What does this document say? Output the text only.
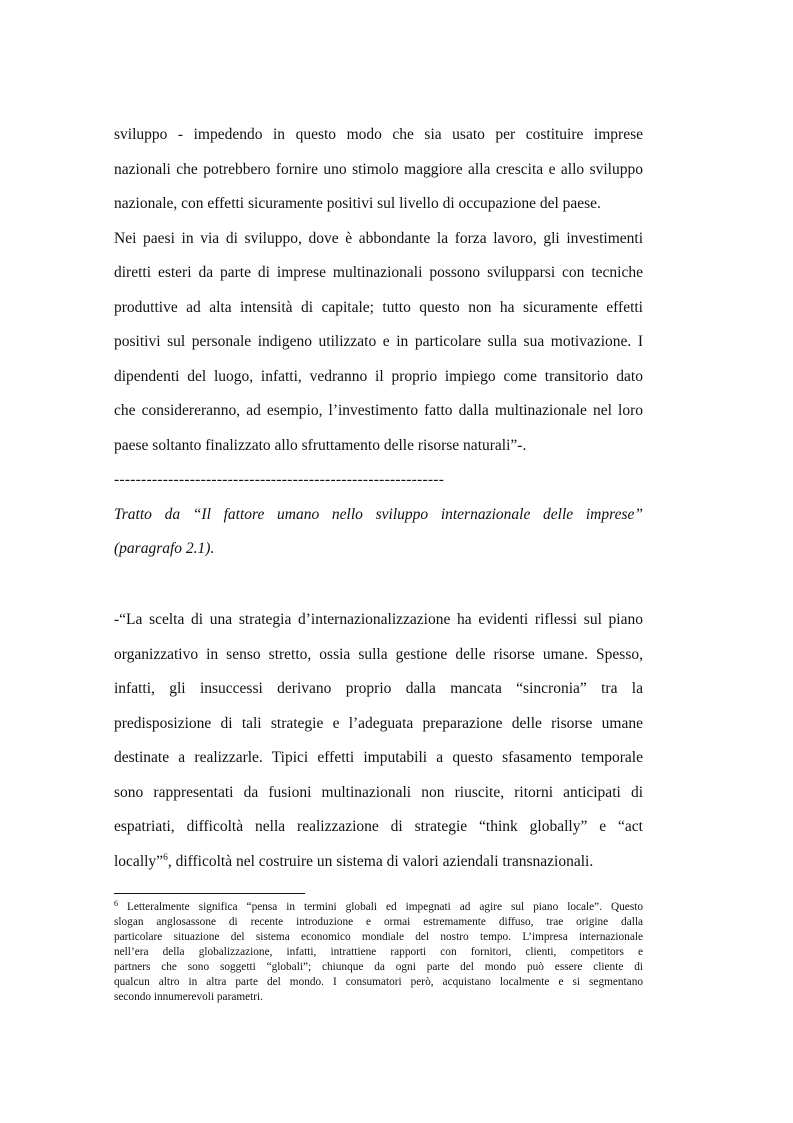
sviluppo - impedendo in questo modo che sia usato per costituire imprese
nazionali che potrebbero fornire uno stimolo maggiore alla crescita e allo sviluppo
nazionale, con effetti sicuramente positivi sul livello di occupazione del paese.
Nei paesi in via di sviluppo, dove è abbondante la forza lavoro, gli investimenti
diretti esteri da parte di imprese multinazionali possono svilupparsi con tecniche
produttive ad alta intensità di capitale; tutto questo non ha sicuramente effetti
positivi sul personale indigeno utilizzato e in particolare sulla sua motivazione. I
dipendenti del luogo, infatti, vedranno il proprio impiego come transitorio dato
che considereranno, ad esempio, l’investimento fatto dalla multinazionale nel loro
paese soltanto finalizzato allo sfruttamento delle risorse naturali”-.
-------------------------------------------------------------
Tratto da “Il fattore umano nello sviluppo internazionale delle imprese”
(paragrafo 2.1).
-“La scelta di una strategia d’internazionalizzazione ha evidenti riflessi sul piano
organizzativo in senso stretto, ossia sulla gestione delle risorse umane. Spesso,
infatti, gli insuccessi derivano proprio dalla mancata “sincronia” tra la
predisposizione di tali strategie e l’adeguata preparazione delle risorse umane
destinate a realizzarle. Tipici effetti imputabili a questo sfasamento temporale
sono rappresentati da fusioni multinazionali non riuscite, ritorni anticipati di
espatriati, difficoltà nella realizzazione di strategie “think globally” e “act
locally”$^6$, difficoltà nel costruire un sistema di valori aziendali transnazionali.
$^6$ Letteralmente significa “pensa in termini globali ed impegnati ad agire sul piano locale”. Questo
slogan anglosassone di recente introduzione e ormai estremamente diffuso, trae origine dalla
particolare situazione del sistema economico mondiale del nostro tempo. L’impresa internazionale
nell’era della globalizzazione, infatti, intrattiene rapporti con fornitori, clienti, competitors e
partners che sono soggetti “globali”; chiunque da ogni parte del mondo può essere cliente di
qualcun altro in altra parte del mondo. I consumatori però, acquistano localmente e si segmentano
secondo innumerevoli parametri.
